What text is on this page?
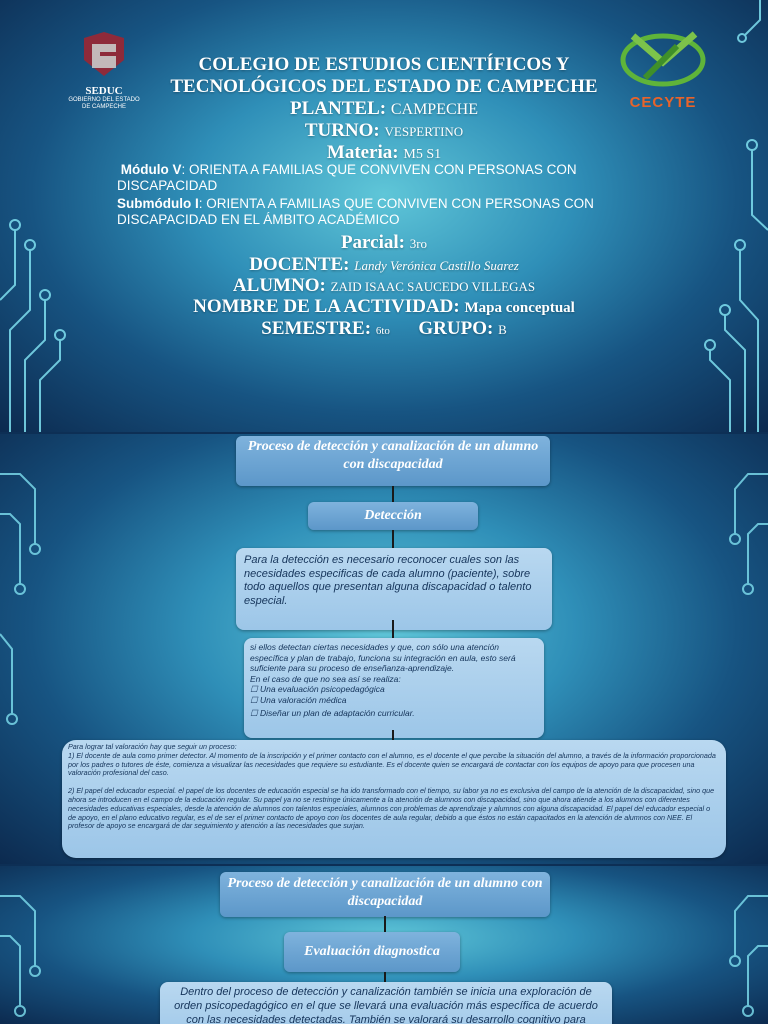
SEDUC
GOBIERNO DEL ESTADO DE CAMPECHE	CECYTE
COLEGIO DE ESTUDIOS CIENTÍFICOS Y
TECNOLÓGICOS DEL ESTADO DE CAMPECHE
PLANTEL: CAMPECHE
TURNO: VESPERTINO
Materia: M5 S1
Módulo V: ORIENTA A FAMILIAS QUE CONVIVEN CON PERSONAS CON DISCAPACIDAD
Submódulo I: ORIENTA A FAMILIAS QUE CONVIVEN CON PERSONAS CON DISCAPACIDAD EN EL ÁMBITO ACADÉMICO
Parcial: 3ro
DOCENTE: Landy Verónica Castillo Suarez
ALUMNO: ZAID ISAAC SAUCEDO VILLEGAS
NOMBRE DE LA ACTIVIDAD: Mapa conceptual
SEMESTRE: 6to GRUPO: B
Proceso de detección y canalización de un alumno con discapacidad
Detección
Para la detección es necesario reconocer cuales son las necesidades especificas de cada alumno (paciente), sobre todo aquellos que presentan alguna discapacidad o talento especial.
si ellos detectan ciertas necesidades y que, con sólo una atención específica y plan de trabajo, funciona su integración en aula, esto será suficiente para su proceso de enseñanza-aprendizaje.
En el caso de que no sea así se realiza:
☐ Una evaluación psicopedagógica
☐ Una valoración médica
☐ Diseñar un plan de adaptación curricular.
Para lograr tal valoración hay que seguir un proceso:
1) El docente de aula como primer detector. Al momento de la inscripción y el primer contacto con el alumno, es el docente el que percibe la situación del alumno, a través de la información proporcionada por los padres o tutores de éste, comienza a visualizar las necesidades que requiere su estudiante. Es el docente quien se encargará de contactar con los equipos de apoyo para que procesen una valoración profesional del caso.
2) El papel del educador especial. el papel de los docentes de educación especial se ha ido transformado con el tiempo, su labor ya no es exclusiva del campo de la atención de la discapacidad, sino que ahora se introducen en el campo de la educación regular. Su papel ya no se restringe únicamente a la atención de alumnos con discapacidad, sino que ahora atiende a los alumnos con diferentes necesidades educativas especiales, desde la atención de alumnos con talentos especiales, alumnos con problemas de aprendizaje y alumnos con alguna discapacidad. El papel del educador especial o de apoyo, en el plano educativo regular, es el de ser el primer contacto de apoyo con los docentes de aula regular, debido a que éstos no están capacitados en la atención de alumnos con NEE. El profesor de apoyo se encargará de dar seguimiento y atención a las necesidades que surjan.
Proceso de detección y canalización de un alumno con discapacidad
Evaluación diagnostica
Dentro del proceso de detección y canalización también se inicia una exploración de orden psicopedagógico en el que se llevará una evaluación más específica de acuerdo con las necesidades detectadas. También se valorará su desarrollo cognitivo para
